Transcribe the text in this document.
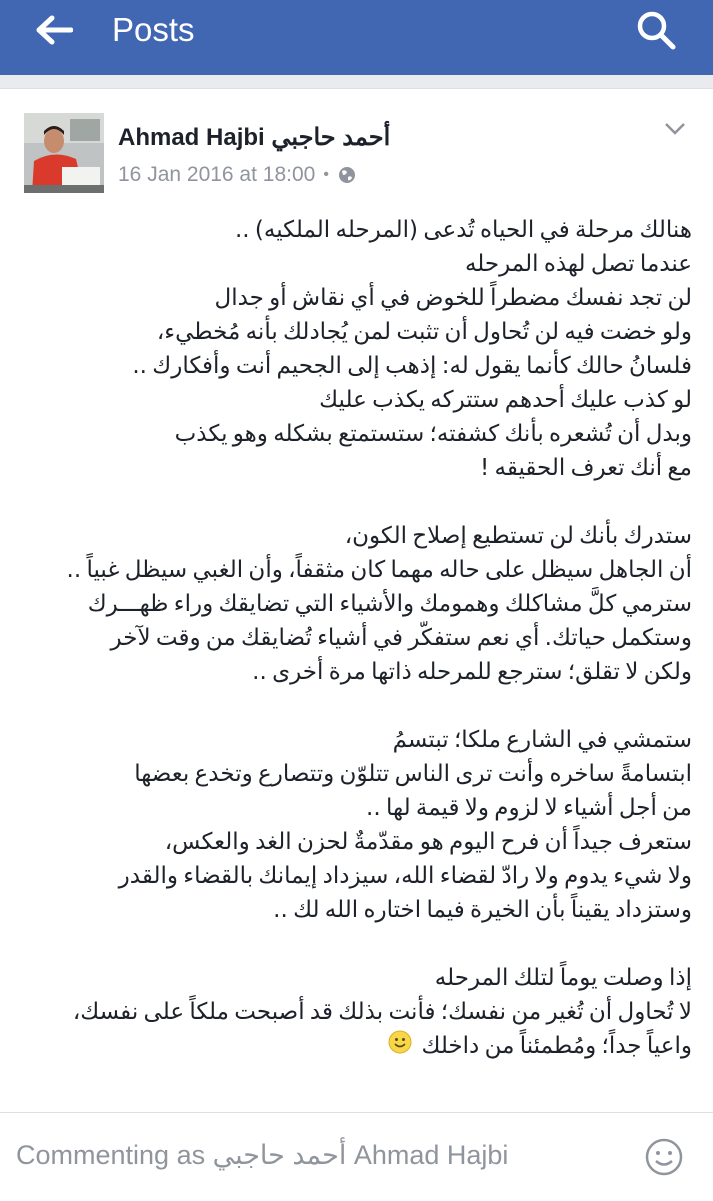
Posts
Ahmad Hajbi أحمد حاجبي
16 Jan 2016 at 18:00 •
هنالك مرحلة في الحياه تُدعى (المرحله الملكيه) ..
عندما تصل لهذه المرحله
لن تجد نفسك مضطراً للخوض في أي نقاش أو جدال
ولو خضت فيه لن تُحاول أن تثبت لمن يُجادلك بأنه مُخطيء،
فلسانُ حالك كأنما يقول له: إذهب إلى الجحيم أنت وأفكارك ..
لو كذب عليك أحدهم ستتركه يكذب عليك
وبدل أن تُشعره بأنك كشفته؛ ستستمتع بشكله وهو يكذب
مع أنك تعرف الحقيقه !
ستدرك بأنك لن تستطيع إصلاح الكون،
أن الجاهل سيظل على حاله مهما كان مثقفاً، وأن الغبي سيظل غبياً ..
سترمي كلَّ مشاكلك وهمومك والأشياء التي تضايقك وراء ظهـــرك
وستكمل حياتك. أي نعم ستفكّر في أشياء تُضايقك من وقت لآخر
ولكن لا تقلق؛ سترجع للمرحله ذاتها مرة أخرى ..
ستمشي في الشارع ملكا؛ تبتسمُ
ابتسامةً ساخره وأنت ترى الناس تتلوّن وتتصارع وتخدع بعضها
من أجل أشياء لا لزوم ولا قيمة لها ..
ستعرف جيداً أن فرح اليوم هو مقدّمةٌ لحزن الغد والعكس،
ولا شيء يدوم ولا رادّ لقضاء الله، سيزداد إيمانك بالقضاء والقدر
وستزداد يقيناً بأن الخيرة فيما اختاره الله لك ..
إذا وصلت يوماً لتلك المرحله
لا تُحاول أن تُغير من نفسك؛ فأنت بذلك قد أصبحت ملكاً على نفسك،
واعياً جداً؛ ومُطمئناً من داخلك
Commenting as أحمد حاجبي Ahmad Hajbi
